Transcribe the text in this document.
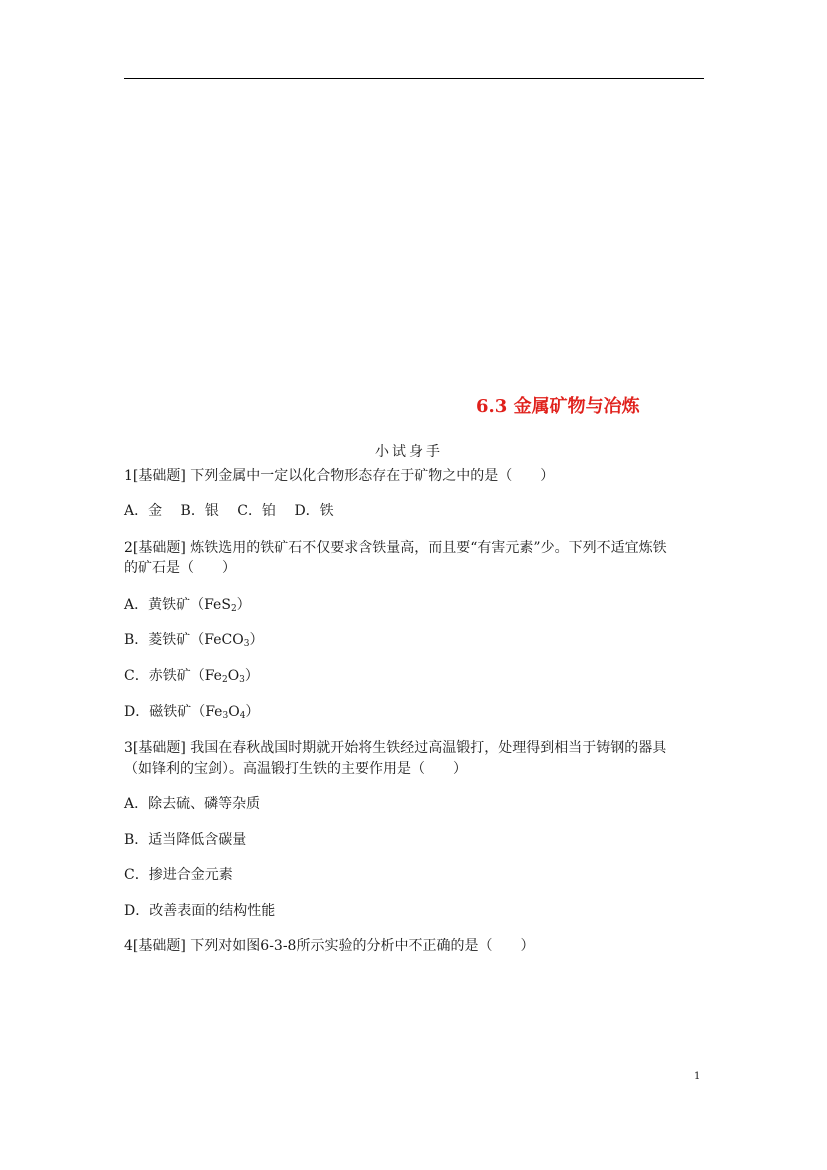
6.3 金属矿物与冶炼
小试身手
1[基础题] 下列金属中一定以化合物形态存在于矿物之中的是（　　）
A．金　 B．银　 C．铂　 D．铁
2[基础题] 炼铁选用的铁矿石不仅要求含铁量高，而且要“有害元素”少。下列不适宜炼铁
的矿石是（　　）
A．黄铁矿（FeS$_2$）
B．菱铁矿（FeCO$_3$）
C．赤铁矿$(Fe_2O_3)$
D．磁铁矿$(Fe_3O_4)$
3[基础题] 我国在春秋战国时期就开始将生铁经过高温锻打，处理得到相当于铸钢的器具
（如锋利的宝剑）。高温锻打生铁的主要作用是（　　）
A．除去硫、磷等杂质
B．适当降低含碳量
C．掺进合金元素
D．改善表面的结构性能
4[基础题] 下列对如图6-3-8所示实验的分析中不正确的是（　　）
1
